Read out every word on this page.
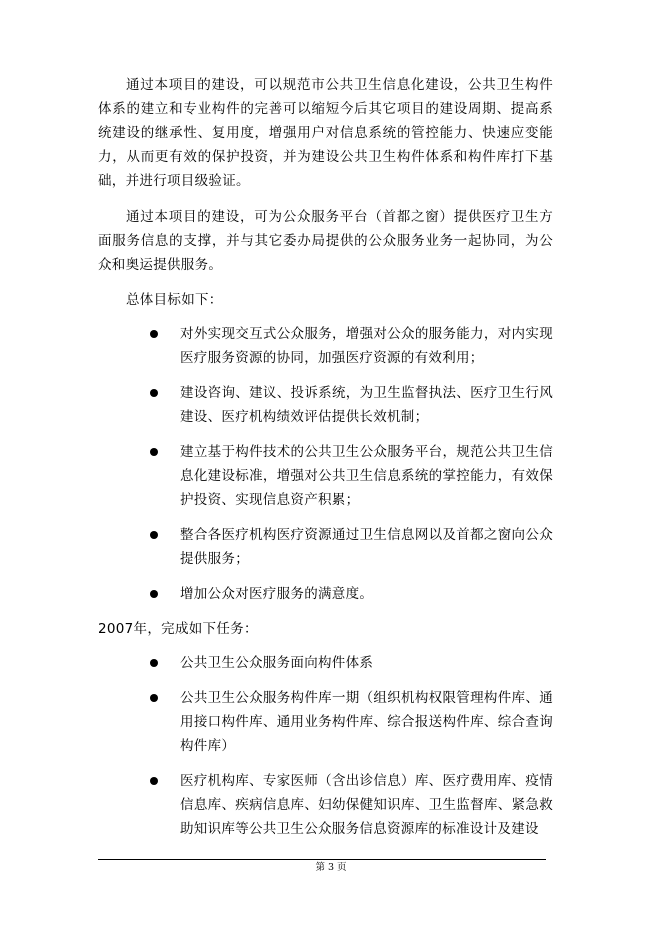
通过本项目的建设，可以规范市公共卫生信息化建设，公共卫生构件体系的建立和专业构件的完善可以缩短今后其它项目的建设周期、提高系统建设的继承性、复用度，增强用户对信息系统的管控能力、快速应变能力，从而更有效的保护投资，并为建设公共卫生构件体系和构件库打下基础，并进行项目级验证。

通过本项目的建设，可为公众服务平台（首都之窗）提供医疗卫生方面服务信息的支撑，并与其它委办局提供的公众服务业务一起协同，为公众和奥运提供服务。

总体目标如下：
对外实现交互式公众服务，增强对公众的服务能力，对内实现医疗服务资源的协同，加强医疗资源的有效利用；
建设咨询、建议、投诉系统，为卫生监督执法、医疗卫生行风建设、医疗机构绩效评估提供长效机制；
建立基于构件技术的公共卫生公众服务平台，规范公共卫生信息化建设标准，增强对公共卫生信息系统的掌控能力，有效保护投资、实现信息资产积累；
整合各医疗机构医疗资源通过卫生信息网以及首都之窗向公众提供服务；
增加公众对医疗服务的满意度。
2007年，完成如下任务：
公共卫生公众服务面向构件体系
公共卫生公众服务构件库一期（组织机构权限管理构件库、通用接口构件库、通用业务构件库、综合报送构件库、综合查询构件库）
医疗机构库、专家医师（含出诊信息）库、医疗费用库、疫情信息库、疾病信息库、妇幼保健知识库、卫生监督库、紧急救助知识库等公共卫生公众服务信息资源库的标准设计及建设
第 3 页
